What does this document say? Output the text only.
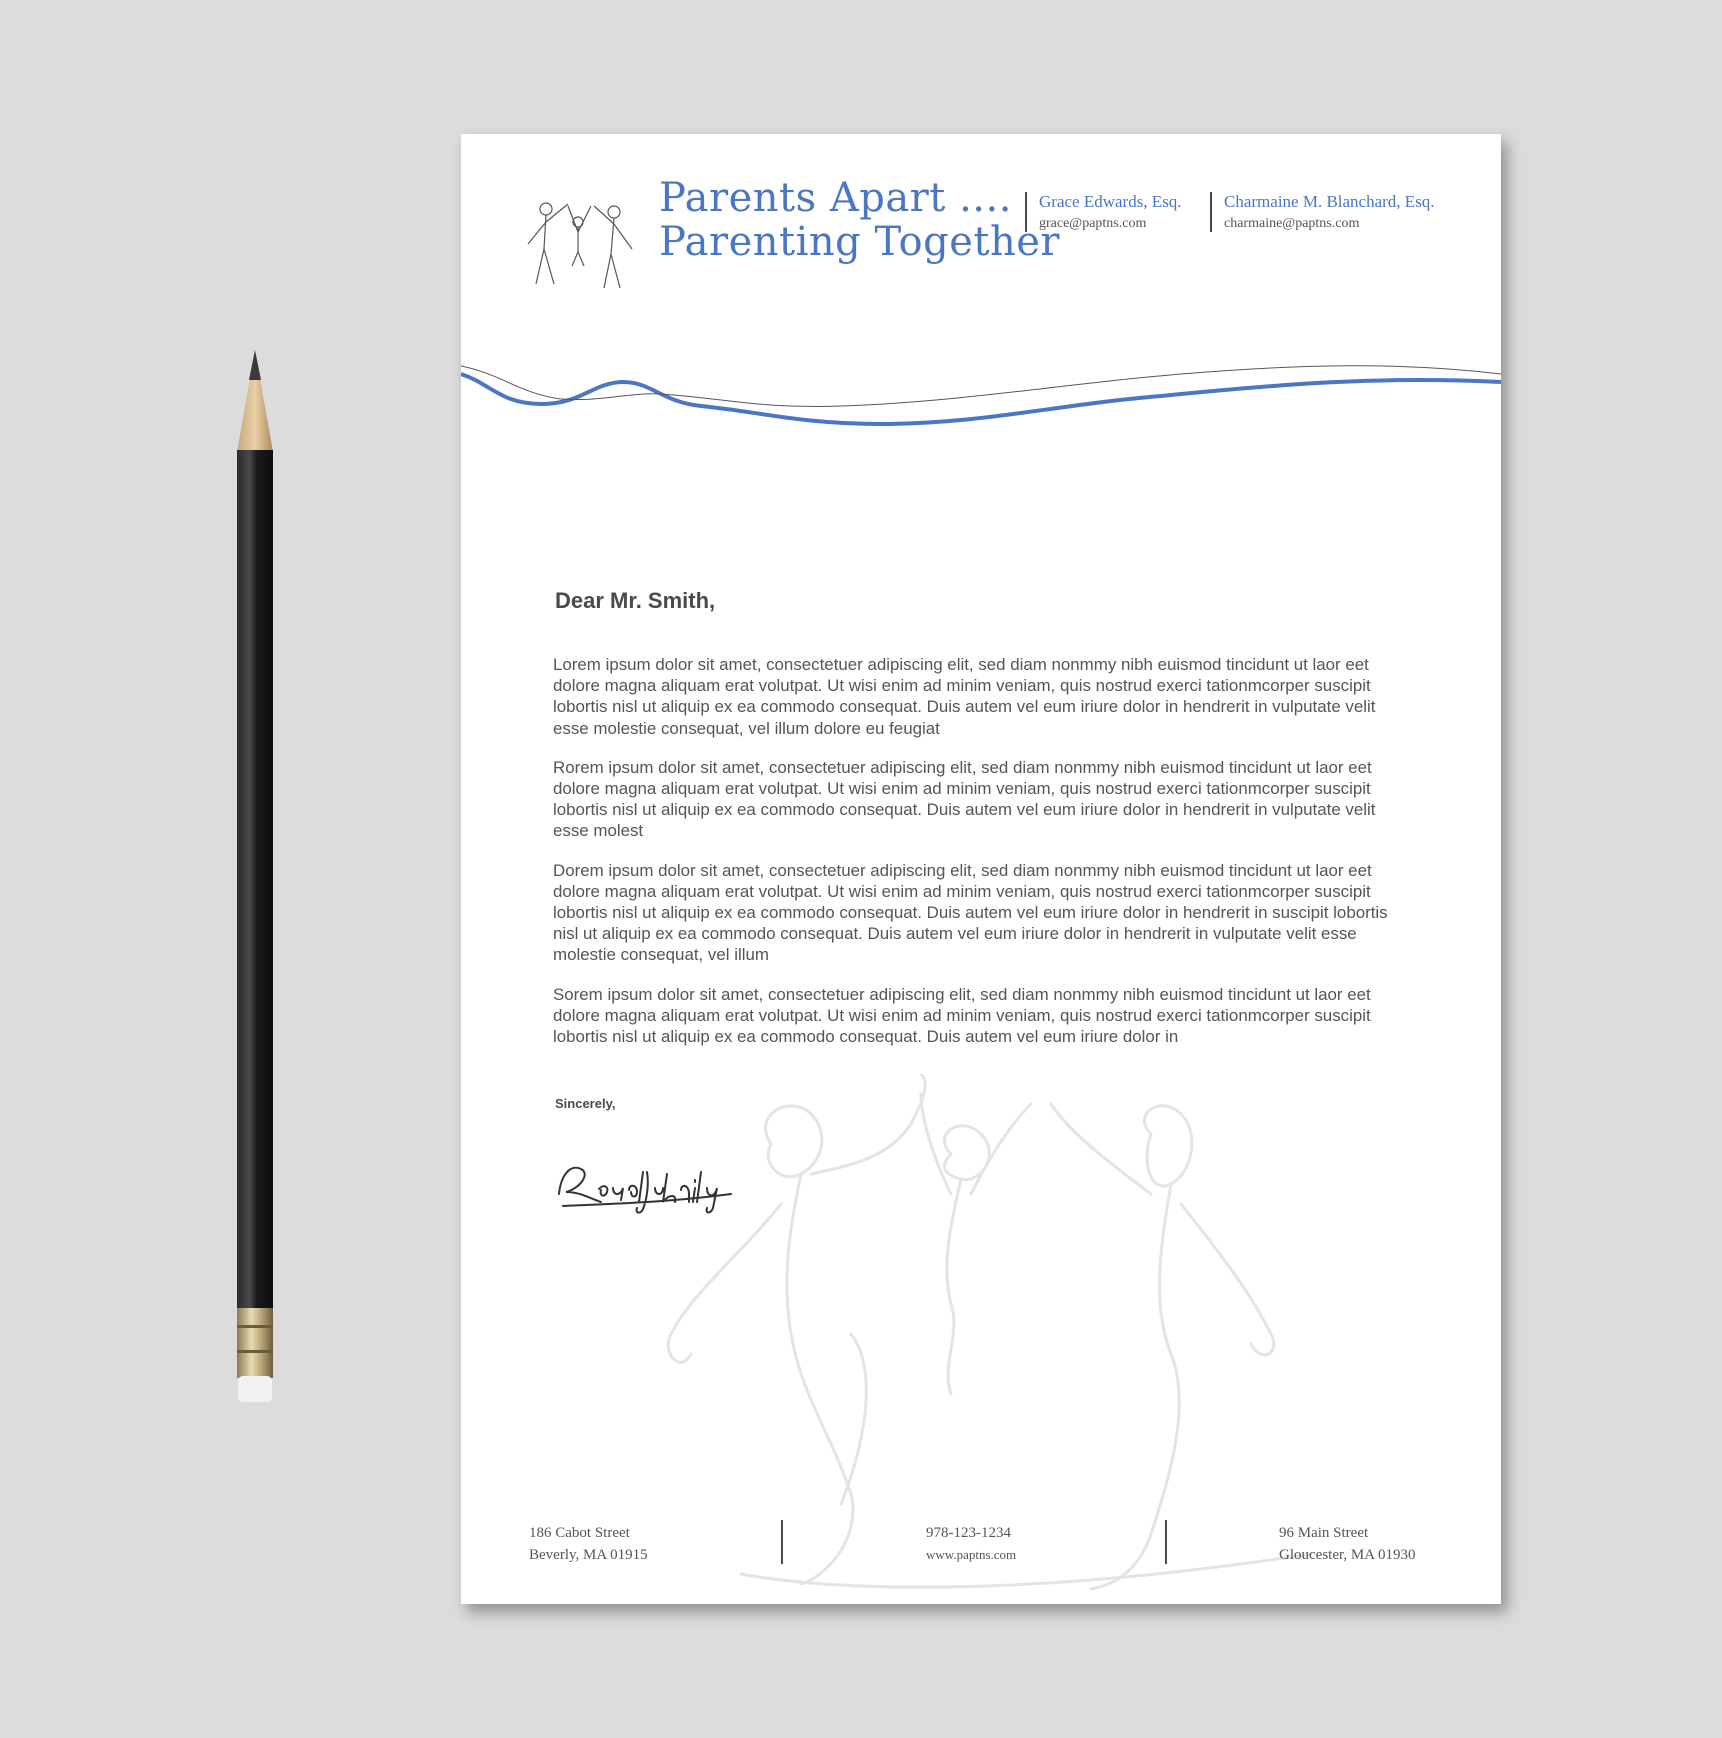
Parents Apart ....
Parenting Together
Grace Edwards, Esq.
grace@paptns.com
Charmaine M. Blanchard, Esq.
charmaine@paptns.com
Dear Mr. Smith,

Lorem ipsum dolor sit amet, consectetuer adipiscing elit, sed diam nonmmy nibh euismod tincidunt ut laor eet dolore magna aliquam erat volutpat. Ut wisi enim ad minim veniam, quis nostrud exerci tationmcorper suscipit lobortis nisl ut aliquip ex ea commodo consequat. Duis autem vel eum iriure dolor in hendrerit in vulputate velit esse molestie consequat, vel illum dolore eu feugiat

Rorem ipsum dolor sit amet, consectetuer adipiscing elit, sed diam nonmmy nibh euismod tincidunt ut laor eet dolore magna aliquam erat volutpat. Ut wisi enim ad minim veniam, quis nostrud exerci tationmcorper suscipit lobortis nisl ut aliquip ex ea commodo consequat. Duis autem vel eum iriure dolor in hendrerit in vulputate velit esse molest

Dorem ipsum dolor sit amet, consectetuer adipiscing elit, sed diam nonmmy nibh euismod tincidunt ut laor eet dolore magna aliquam erat volutpat. Ut wisi enim ad minim veniam, quis nostrud exerci tationmcorper suscipit lobortis nisl ut aliquip ex ea commodo consequat. Duis autem vel eum iriure dolor in hendrerit in suscipit lobortis nisl ut aliquip ex ea commodo consequat. Duis autem vel eum iriure dolor in hendrerit in vulputate velit esse molestie consequat, vel illum

Sorem ipsum dolor sit amet, consectetuer adipiscing elit, sed diam nonmmy nibh euismod tincidunt ut laor eet dolore magna aliquam erat volutpat. Ut wisi enim ad minim veniam, quis nostrud exerci tationmcorper suscipit lobortis nisl ut aliquip ex ea commodo consequat. Duis autem vel eum iriure dolor in

Sincerely,
186 Cabot Street
Beverly, MA 01915
978-123-1234
www.paptns.com
96 Main Street
Gloucester, MA 01930
